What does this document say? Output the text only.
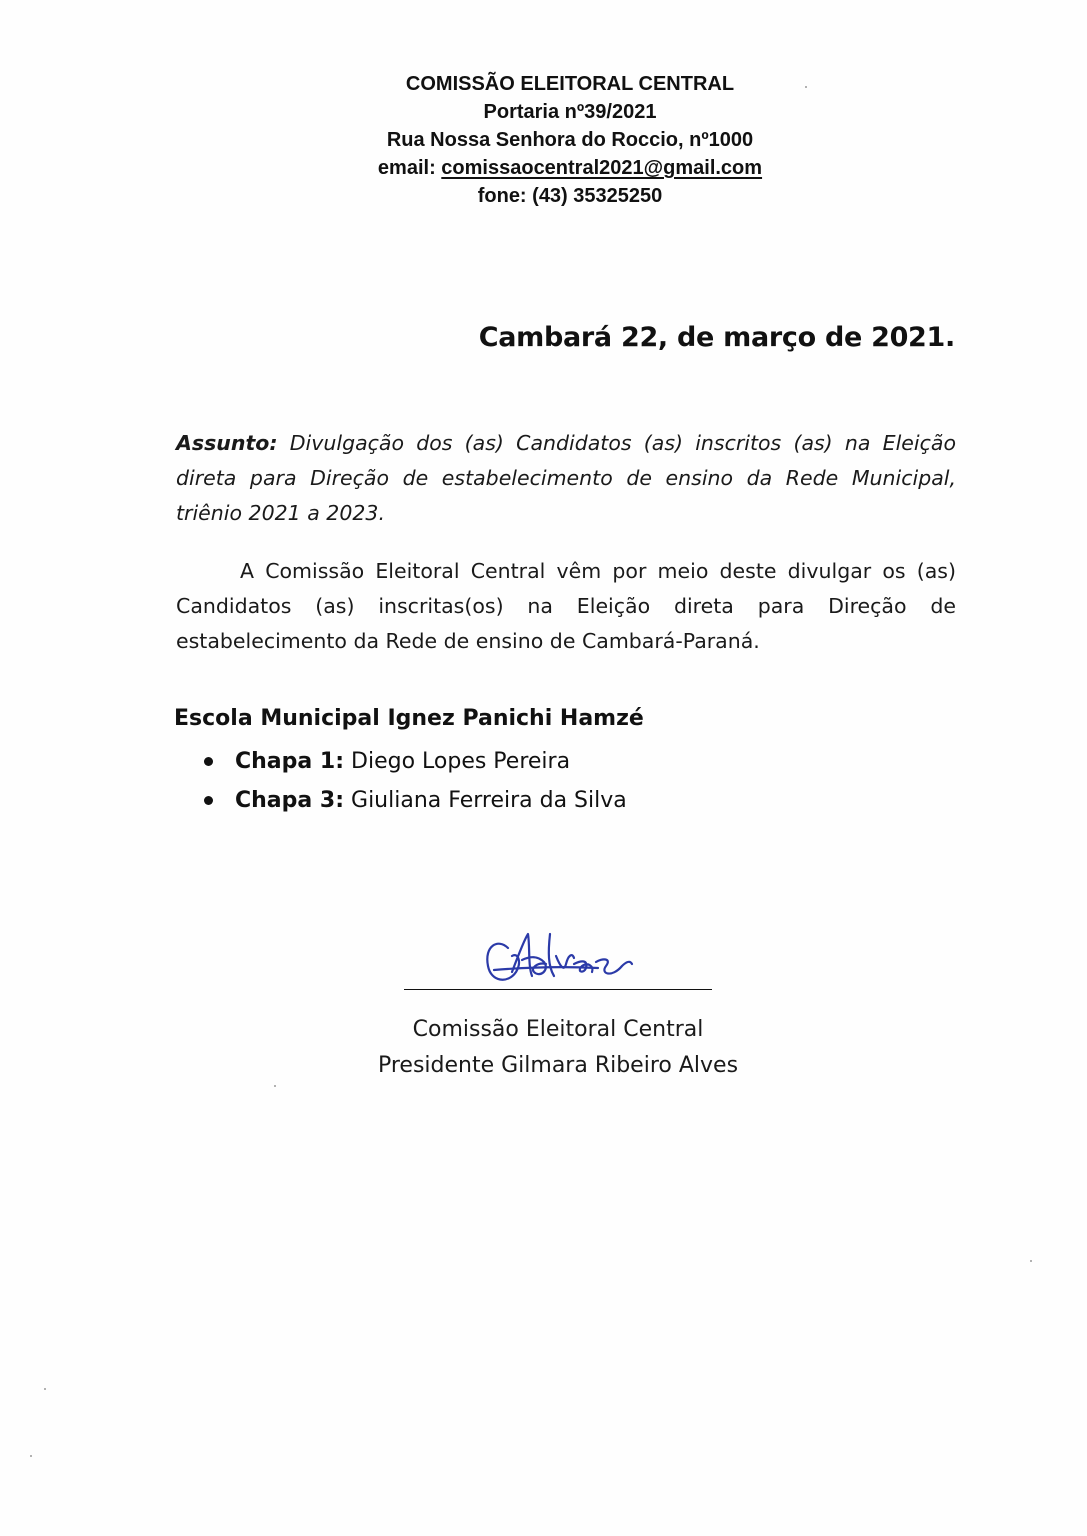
COMISSÃO ELEITORAL CENTRAL
Portaria nº39/2021
Rua Nossa Senhora do Roccio, nº1000
email: comissaocentral2021@gmail.com
fone: (43) 35325250
Cambará 22, de março de 2021.

Assunto: Divulgação dos (as) Candidatos (as) inscritos (as) na Eleição direta para Direção de estabelecimento de ensino da Rede Municipal, triênio 2021 a 2023.

A Comissão Eleitoral Central vêm por meio deste divulgar os (as) Candidatos (as) inscritas(os) na Eleição direta para Direção de estabelecimento da Rede de ensino de Cambará-Paraná.

Escola Municipal Ignez Panichi Hamzé
Chapa 1: Diego Lopes Pereira
Chapa 3: Giuliana Ferreira da Silva
Comissão Eleitoral Central
Presidente Gilmara Ribeiro Alves
